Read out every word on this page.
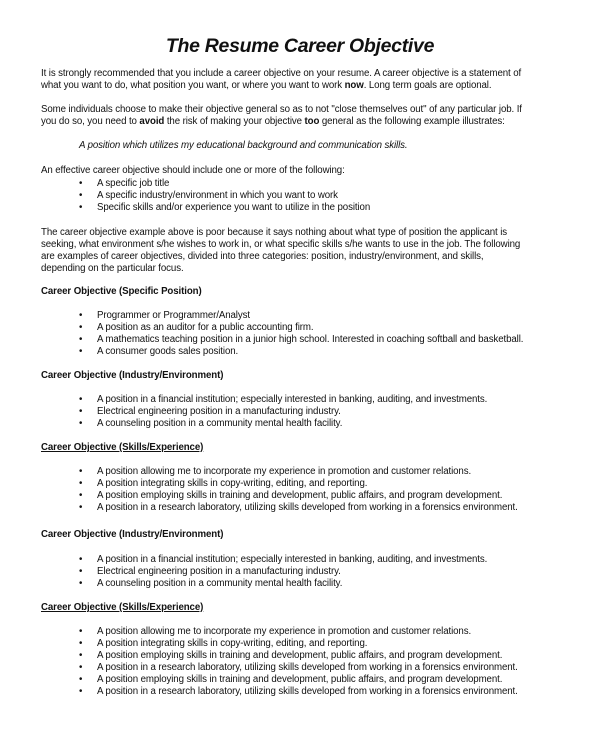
The Resume Career Objective
It is strongly recommended that you include a career objective on your resume. A career objective is a statement of
what you want to do, what position you want, or where you want to work now. Long term goals are optional.
Some individuals choose to make their objective general so as to not "close themselves out" of any particular job. If
you do so, you need to avoid the risk of making your objective too general as the following example illustrates:
A position which utilizes my educational background and communication skills.
An effective career objective should include one or more of the following:
• A specific job title
• A specific industry/environment in which you want to work
• Specific skills and/or experience you want to utilize in the position
The career objective example above is poor because it says nothing about what type of position the applicant is
seeking, what environment s/he wishes to work in, or what specific skills s/he wants to use in the job. The following
are examples of career objectives, divided into three categories: position, industry/environment, and skills,
depending on the particular focus.
Career Objective (Specific Position)
• Programmer or Programmer/Analyst
• A position as an auditor for a public accounting firm.
• A mathematics teaching position in a junior high school. Interested in coaching softball and basketball.
• A consumer goods sales position.
Career Objective (Industry/Environment)
• A position in a financial institution; especially interested in banking, auditing, and investments.
• Electrical engineering position in a manufacturing industry.
• A counseling position in a community mental health facility.
Career Objective (Skills/Experience)
• A position allowing me to incorporate my experience in promotion and customer relations.
• A position integrating skills in copy-writing, editing, and reporting.
• A position employing skills in training and development, public affairs, and program development.
• A position in a research laboratory, utilizing skills developed from working in a forensics environment.
Career Objective (Industry/Environment)
• A position in a financial institution; especially interested in banking, auditing, and investments.
• Electrical engineering position in a manufacturing industry.
• A counseling position in a community mental health facility.
Career Objective (Skills/Experience)
• A position allowing me to incorporate my experience in promotion and customer relations.
• A position integrating skills in copy-writing, editing, and reporting.
• A position employing skills in training and development, public affairs, and program development.
• A position in a research laboratory, utilizing skills developed from working in a forensics environment.
• A position employing skills in training and development, public affairs, and program development.
• A position in a research laboratory, utilizing skills developed from working in a forensics environment.
